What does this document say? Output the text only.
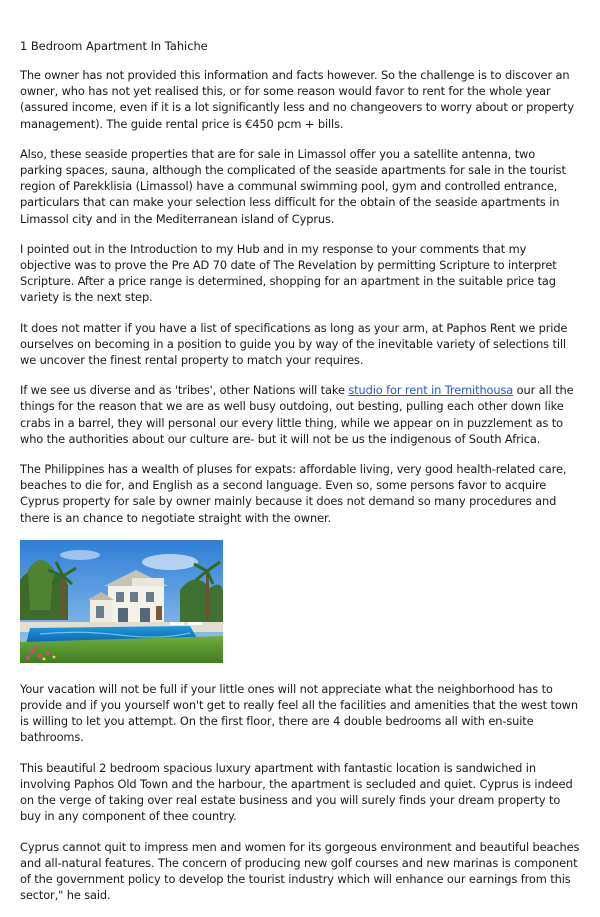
1 Bedroom Apartment In Tahiche

The owner has not provided this information and facts however. So the challenge is to discover an owner, who has not yet realised this, or for some reason would favor to rent for the whole year (assured income, even if it is a lot significantly less and no changeovers to worry about or property management). The guide rental price is €450 pcm + bills.

Also, these seaside properties that are for sale in Limassol offer you a satellite antenna, two parking spaces, sauna, although the complicated of the seaside apartments for sale in the tourist region of Parekklisia (Limassol) have a communal swimming pool, gym and controlled entrance, particulars that can make your selection less difficult for the obtain of the seaside apartments in Limassol city and in the Mediterranean island of Cyprus.

I pointed out in the Introduction to my Hub and in my response to your comments that my objective was to prove the Pre AD 70 date of The Revelation by permitting Scripture to interpret Scripture. After a price range is determined, shopping for an apartment in the suitable price tag variety is the next step.

It does not matter if you have a list of specifications as long as your arm, at Paphos Rent we pride ourselves on becoming in a position to guide you by way of the inevitable variety of selections till we uncover the finest rental property to match your requires.

If we see us diverse and as 'tribes', other Nations will take studio for rent in Tremithousa our all the things for the reason that we are as well busy outdoing, out besting, pulling each other down like crabs in a barrel, they will personal our every little thing, while we appear on in puzzlement as to who the authorities about our culture are- but it will not be us the indigenous of South Africa.

The Philippines has a wealth of pluses for expats: affordable living, very good health-related care, beaches to die for, and English as a second language. Even so, some persons favor to acquire Cyprus property for sale by owner mainly because it does not demand so many procedures and there is an chance to negotiate straight with the owner.

Your vacation will not be full if your little ones will not appreciate what the neighborhood has to provide and if you yourself won't get to really feel all the facilities and amenities that the west town is willing to let you attempt. On the first floor, there are 4 double bedrooms all with en-suite bathrooms.

This beautiful 2 bedroom spacious luxury apartment with fantastic location is sandwiched in involving Paphos Old Town and the harbour, the apartment is secluded and quiet. Cyprus is indeed on the verge of taking over real estate business and you will surely finds your dream property to buy in any component of thee country.

Cyprus cannot quit to impress men and women for its gorgeous environment and beautiful beaches and all-natural features. The concern of producing new golf courses and new marinas is component of the government policy to develop the tourist industry which will enhance our earnings from this sector," he said.
